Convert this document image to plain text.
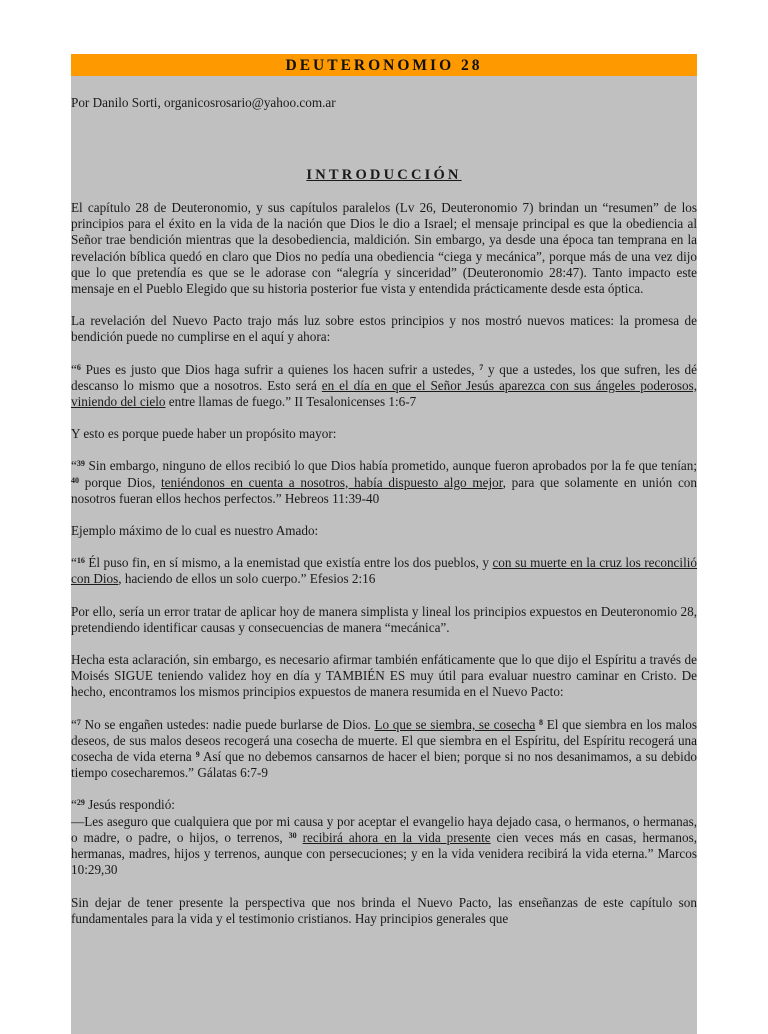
DEUTERONOMIO 28
Por Danilo Sorti, organicosrosario@yahoo.com.ar
INTRODUCCIÓN

El capítulo 28 de Deuteronomio, y sus capítulos paralelos (Lv 26, Deuteronomio 7) brindan un “resumen” de los principios para el éxito en la vida de la nación que Dios le dio a Israel; el mensaje principal es que la obediencia al Señor trae bendición mientras que la desobediencia, maldición. Sin embargo, ya desde una época tan temprana en la revelación bíblica quedó en claro que Dios no pedía una obediencia “ciega y mecánica”, porque más de una vez dijo que lo que pretendía es que se le adorase con “alegría y sinceridad” (Deuteronomio 28:47). Tanto impacto este mensaje en el Pueblo Elegido que su historia posterior fue vista y entendida prácticamente desde esta óptica.

La revelación del Nuevo Pacto trajo más luz sobre estos principios y nos mostró nuevos matices: la promesa de bendición puede no cumplirse en el aquí y ahora:

“$^6$ Pues es justo que Dios haga sufrir a quienes los hacen sufrir a ustedes, $^7$ y que a ustedes, los que sufren, les dé descanso lo mismo que a nosotros. Esto será en el día en que el Señor Jesús aparezca con sus ángeles poderosos, viniendo del cielo entre llamas de fuego.” II Tesalonicenses 1:6-7

Y esto es porque puede haber un propósito mayor:

“$^{39}$ Sin embargo, ninguno de ellos recibió lo que Dios había prometido, aunque fueron aprobados por la fe que tenían; $^{40}$ porque Dios, teniéndonos en cuenta a nosotros, había dispuesto algo mejor, para que solamente en unión con nosotros fueran ellos hechos perfectos.” Hebreos 11:39-40

Ejemplo máximo de lo cual es nuestro Amado:

“$^{16}$ Él puso fin, en sí mismo, a la enemistad que existía entre los dos pueblos, y con su muerte en la cruz los reconcilió con Dios, haciendo de ellos un solo cuerpo.” Efesios 2:16

Por ello, sería un error tratar de aplicar hoy de manera simplista y lineal los principios expuestos en Deuteronomio 28, pretendiendo identificar causas y consecuencias de manera “mecánica”.

Hecha esta aclaración, sin embargo, es necesario afirmar también enfáticamente que lo que dijo el Espíritu a través de Moisés SIGUE teniendo validez hoy en día y TAMBIÉN ES muy útil para evaluar nuestro caminar en Cristo. De hecho, encontramos los mismos principios expuestos de manera resumida en el Nuevo Pacto:

“$^7$ No se engañen ustedes: nadie puede burlarse de Dios. Lo que se siembra, se cosecha $^8$ El que siembra en los malos deseos, de sus malos deseos recogerá una cosecha de muerte. El que siembra en el Espíritu, del Espíritu recogerá una cosecha de vida eterna $^9$ Así que no debemos cansarnos de hacer el bien; porque si no nos desanimamos, a su debido tiempo cosecharemos.” Gálatas 6:7-9

“$^{29}$ Jesús respondió:
—Les aseguro que cualquiera que por mi causa y por aceptar el evangelio haya dejado casa, o hermanos, o hermanas, o madre, o padre, o hijos, o terrenos, $^{30}$ recibirá ahora en la vida presente cien veces más en casas, hermanos, hermanas, madres, hijos y terrenos, aunque con persecuciones; y en la vida venidera recibirá la vida eterna.” Marcos 10:29,30

Sin dejar de tener presente la perspectiva que nos brinda el Nuevo Pacto, las enseñanzas de este capítulo son fundamentales para la vida y el testimonio cristianos. Hay principios generales que
